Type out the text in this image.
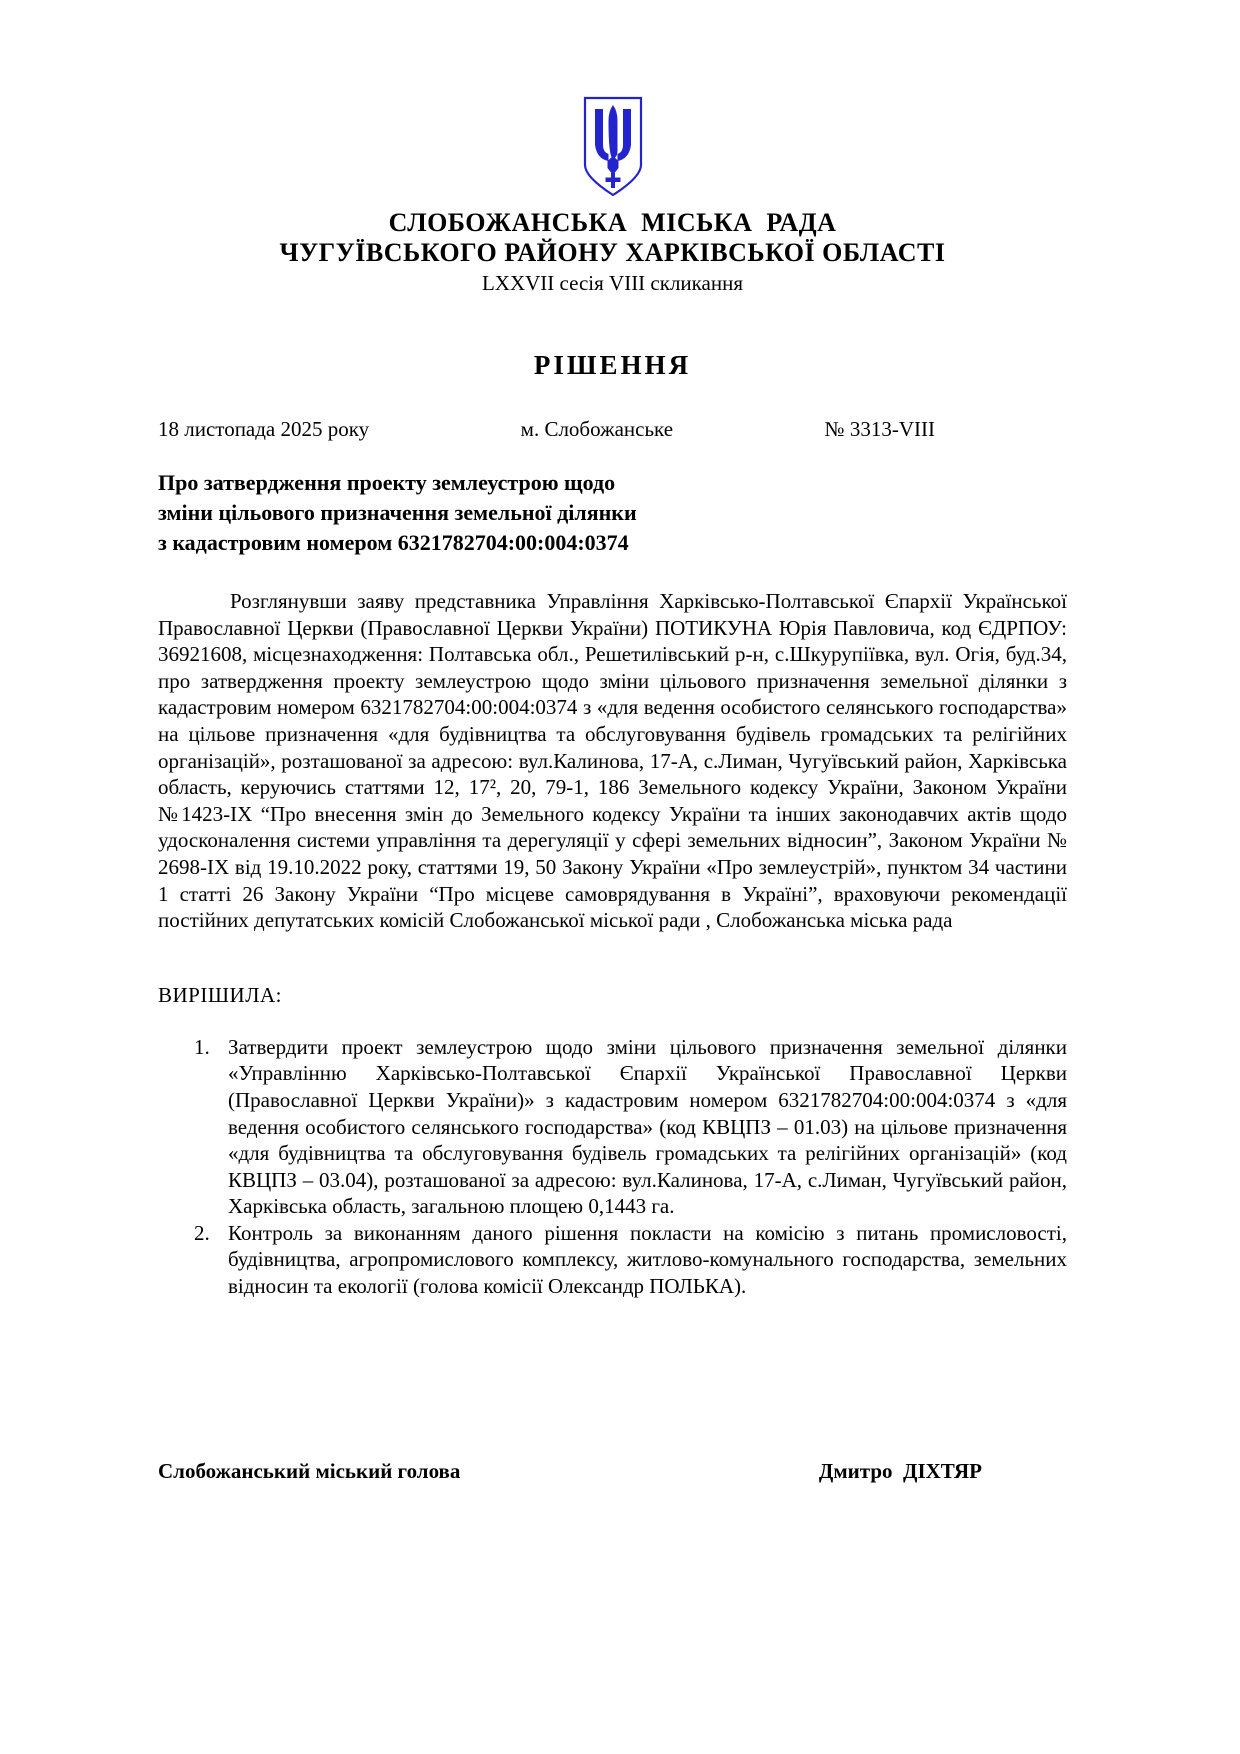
СЛОБОЖАНСЬКА  МІСЬКА  РАДА
ЧУГУЇВСЬКОГО РАЙОНУ ХАРКІВСЬКОЇ ОБЛАСТІ
LXXVII сесія VIII скликання
РІШЕННЯ
18 листопада 2025 року	м. Слобожанське	№ 3313-VIII
Про затвердження проекту землеустрою щодо
зміни цільового призначення земельної ділянки
з кадастровим номером 6321782704:00:004:0374

Розглянувши заяву представника Управління Харківсько-Полтавської Єпархії Української Православної Церкви (Православної Церкви України) ПОТИКУНА Юрія Павловича, код ЄДРПОУ: 36921608, місцезнаходження: Полтавська обл., Решетилівський р-н, с.Шкурупіївка, вул. Огія, буд.34, про затвердження проекту землеустрою щодо зміни цільового призначення земельної ділянки з кадастровим номером 6321782704:00:004:0374 з «для ведення особистого селянського господарства» на цільове призначення «для будівництва та обслуговування будівель громадських та релігійних організацій», розташованої за адресою: вул.Калинова, 17-А, с.Лиман, Чугуївський район, Харківська область, керуючись статтями 12, 17², 20, 79-1, 186 Земельного кодексу України, Законом України №1423-IX “Про внесення змін до Земельного кодексу України та інших законодавчих актів щодо удосконалення системи управління та дерегуляції у сфері земельних відносин”, Законом України № 2698-IX від 19.10.2022 року, статтями 19, 50 Закону України «Про землеустрій», пунктом 34 частини 1 статті 26 Закону України “Про місцеве самоврядування в Україні”, враховуючи рекомендації постійних депутатських комісій Слобожанської міської ради , Слобожанська міська рада

ВИРІШИЛА:
1. Затвердити проект землеустрою щодо зміни цільового призначення земельної ділянки «Управлінню Харківсько-Полтавської Єпархії Української Православної Церкви (Православної Церкви України)» з кадастровим номером 6321782704:00:004:0374 з «для ведення особистого селянського господарства» (код КВЦПЗ – 01.03) на цільове призначення «для будівництва та обслуговування будівель громадських та релігійних організацій» (код КВЦПЗ – 03.04), розташованої за адресою: вул.Калинова, 17-А, с.Лиман, Чугуївський район, Харківська область, загальною площею 0,1443 га.
2. Контроль за виконанням даного рішення покласти на комісію з питань промисловості, будівництва, агропромислового комплексу, житлово-комунального господарства, земельних відносин та екології (голова комісії Олександр ПОЛЬКА).
Слобожанський міський голова	Дмитро  ДІХТЯР
